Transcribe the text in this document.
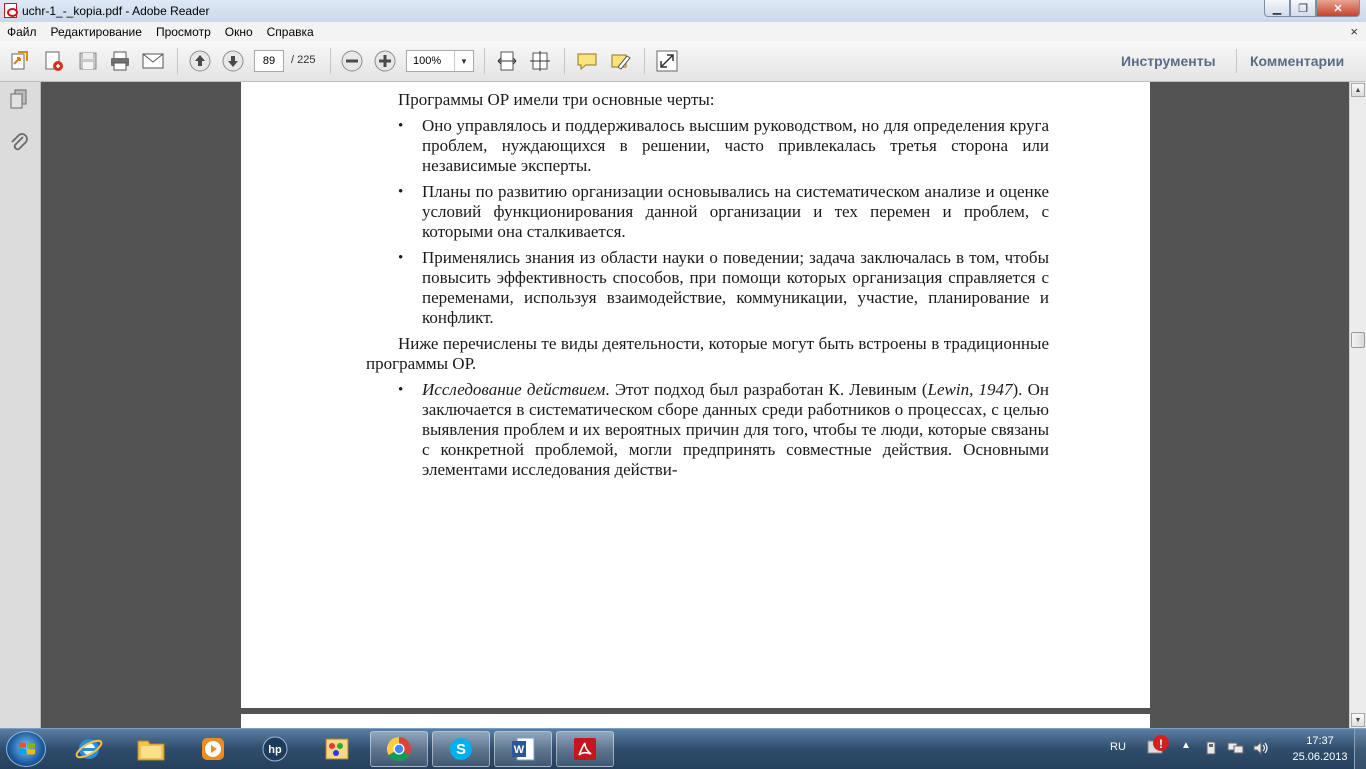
uchr-1_-_kopia.pdf - Adobe Reader	▁	❐	✕
Файл	Редактирование	Просмотр	Окно	Справка	×
89	/ 225	100%	▼	Инструменты Комментарии

Программы ОР имели три основные черты:

• Оно управлялось и поддерживалось высшим руководством, но для определения круга проблем, нуждающихся в решении, часто привлекалась третья сторона или независимые эксперты.

• Планы по развитию организации основывались на систематическом анализе и оценке условий функционирования данной организации и тех перемен и проблем, с которыми она сталкивается.

• Применялись знания из области науки о поведении; задача заключалась в том, чтобы повысить эффективность способов, при помощи которых организация справляется с переменами, используя взаимодействие, коммуникации, участие, планирование и конфликт.

Ниже перечислены те виды деятельности, которые могут быть встроены в традиционные программы ОР.

• Исследование действием. Этот подход был разработан К. Левиным (Lewin, 1947). Он заключается в систематическом сборе данных среди работников о процессах, с целью выявления проблем и их вероятных причин для того, чтобы те люди, которые связаны с конкретной проблемой, могли предпринять совместные действия. Основными элементами исследования действи-

▲
▼
hp	S	W	RU	! ▲	17:37
25.06.2013
